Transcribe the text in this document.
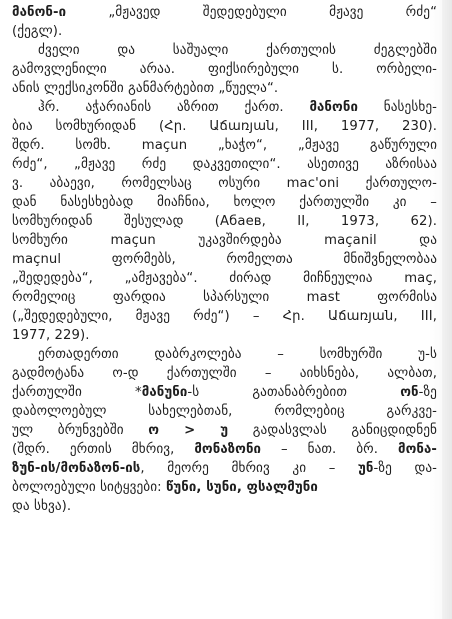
მანონ-ი „მჟავედ შედედებული მჟავე რძე“
(ქეგლ).
ძველი და საშუალი ქართულის ძეგლებში
გამოვლენილი არაა. ფიქსირებული ს. ორბელი-
ანის ლექსიკონში განმარტებით „წუელა“.
ჰრ. აჭარიანის აზრით ქართ. მანონი ნასესხე-
ბია სომხურიდან (Հր. Աճառյան, III, 1977, 230).
შდრ. სომხ. maçun „ხაჭო“, „მჟავე გაწურული
რძე“, „მჟავე რძე დაკვეთილი“. ასეთივე აზრისაა
ვ. აბაევი, რომელსაც ოსური mac'oni ქართულო-
დან ნასესხებად მიაჩნია, ხოლო ქართულში კი –
სომხურიდან შესულად (Абаев, II, 1973, 62).
სომხური maçun უკავშირდება maçanil და
maçnul ფორმებს, რომელთა მნიშვნელობაა
„შედედება“, „ამჟავება“. ძირად მიჩნეულია maç,
რომელიც ფარდია სპარსული mast ფორმისა
(„შედედებული, მჟავე რძე“) – Հր. Աճառյան, III,
1977, 229).
ერთადერთი დაბრკოლება – სომხურში უ-ს
გადმოტანა ო-დ ქართულში – აიხსნება, ალბათ,
ქართულში *მანუნი-ს გათანაბრებით ონ-ზე
დაბოლოებულ სახელებთან, რომლებიც გარკვე-
ულ ბრუნვებში ო > უ გადასვლას განიცდიდნენ
(შდრ. ერთის მხრივ, მონაზონი – ნათ. ბრ. მონა-
ზუნ-ის/მონაზონ-ის, მეორე მხრივ კი – უნ-ზე და-
ბოლოებული სიტყვები: წუნი, სუნი, ფსალმუნი
და სხვა).
